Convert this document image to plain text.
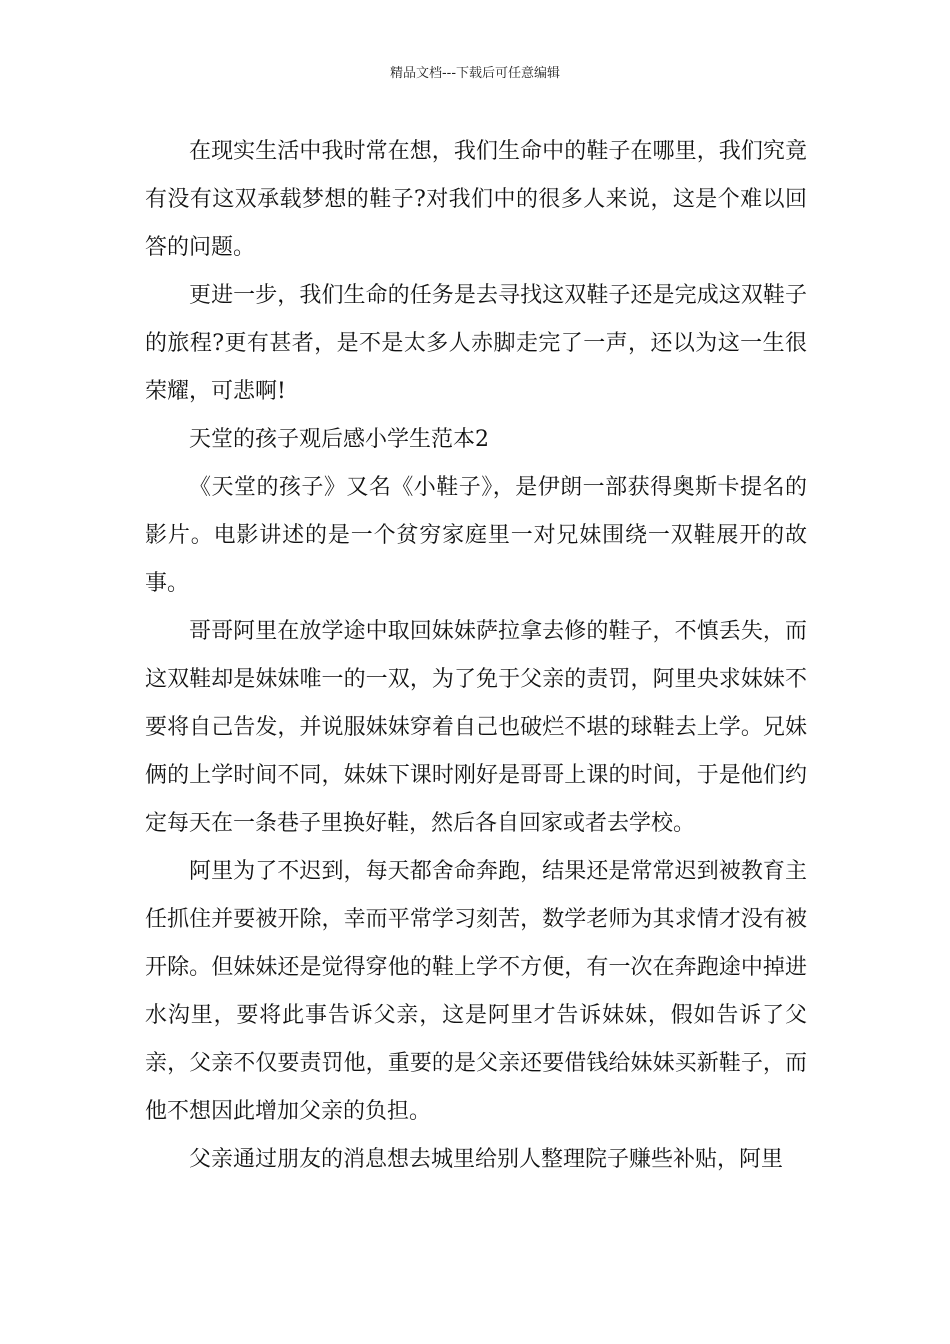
精品文档---下载后可任意编辑

在现实生活中我时常在想，我们生命中的鞋子在哪里，我们究竟有没有这双承载梦想的鞋子?对我们中的很多人来说，这是个难以回答的问题。

更进一步，我们生命的任务是去寻找这双鞋子还是完成这双鞋子的旅程?更有甚者，是不是太多人赤脚走完了一声，还以为这一生很荣耀，可悲啊!

天堂的孩子观后感小学生范本2

《天堂的孩子》又名《小鞋子》，是伊朗一部获得奥斯卡提名的影片。电影讲述的是一个贫穷家庭里一对兄妹围绕一双鞋展开的故事。

哥哥阿里在放学途中取回妹妹萨拉拿去修的鞋子，不慎丢失，而这双鞋却是妹妹唯一的一双，为了免于父亲的责罚，阿里央求妹妹不要将自己告发，并说服妹妹穿着自己也破烂不堪的球鞋去上学。兄妹俩的上学时间不同，妹妹下课时刚好是哥哥上课的时间，于是他们约定每天在一条巷子里换好鞋，然后各自回家或者去学校。

阿里为了不迟到，每天都舍命奔跑，结果还是常常迟到被教育主任抓住并要被开除，幸而平常学习刻苦，数学老师为其求情才没有被开除。但妹妹还是觉得穿他的鞋上学不方便，有一次在奔跑途中掉进水沟里，要将此事告诉父亲，这是阿里才告诉妹妹，假如告诉了父亲，父亲不仅要责罚他，重要的是父亲还要借钱给妹妹买新鞋子，而他不想因此增加父亲的负担。

父亲通过朋友的消息想去城里给别人整理院子赚些补贴，阿里
